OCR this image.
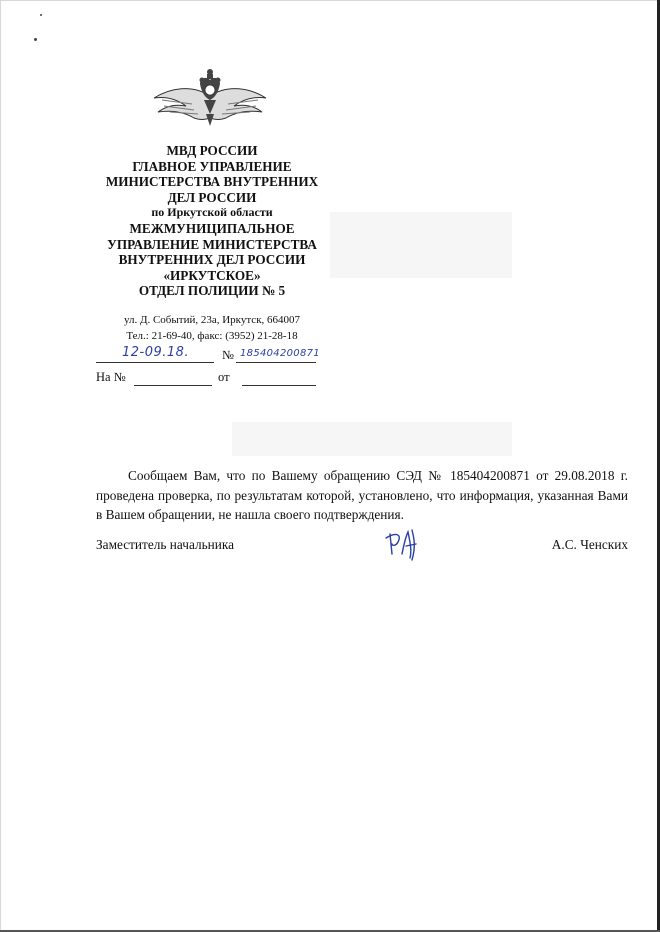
МВД РОССИИ
ГЛАВНОЕ УПРАВЛЕНИЕ
МИНИСТЕРСТВА ВНУТРЕННИХ
ДЕЛ РОССИИ
по Иркутской области
МЕЖМУНИЦИПАЛЬНОЕ
УПРАВЛЕНИЕ МИНИСТЕРСТВА
ВНУТРЕННИХ ДЕЛ РОССИИ
«ИРКУТСКОЕ»
ОТДЕЛ ПОЛИЦИИ № 5
ул. Д. Событий, 23а, Иркутск, 664007
Тел.: 21-69-40, факс: (3952) 21-28-18
12-09.18.	№ 185404200871
На №	от
Сообщаем Вам, что по Вашему обращению СЭД № 185404200871 от 29.08.2018 г. проведена проверка, по результатам которой, установлено, что информация, указанная Вами в Вашем обращении, не нашла своего подтверждения.
Заместитель начальника	А.С. Ченских
